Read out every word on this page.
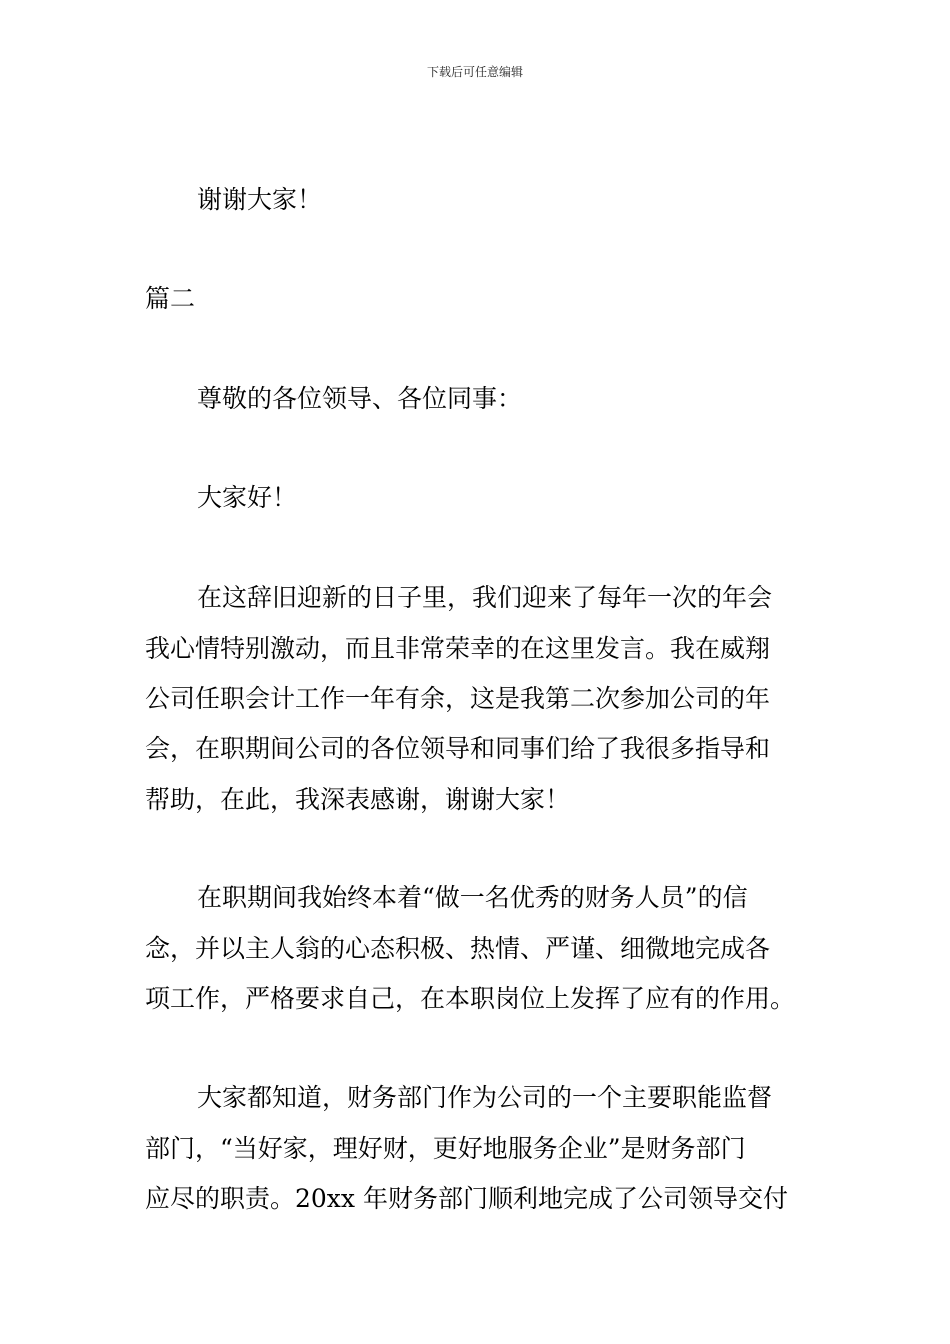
下载后可任意编辑
谢谢大家！
篇二
尊敬的各位领导、各位同事：
大家好！
在这辞旧迎新的日子里，我们迎来了每年一次的年会
我心情特别激动，而且非常荣幸的在这里发言。我在威翔
公司任职会计工作一年有余，这是我第二次参加公司的年
会，在职期间公司的各位领导和同事们给了我很多指导和
帮助，在此，我深表感谢，谢谢大家！
在职期间我始终本着“做一名优秀的财务人员”的信
念，并以主人翁的心态积极、热情、严谨、细微地完成各
项工作，严格要求自己，在本职岗位上发挥了应有的作用。
大家都知道，财务部门作为公司的一个主要职能监督
部门，“当好家，理好财，更好地服务企业”是财务部门
应尽的职责。20xx 年财务部门顺利地完成了公司领导交付
